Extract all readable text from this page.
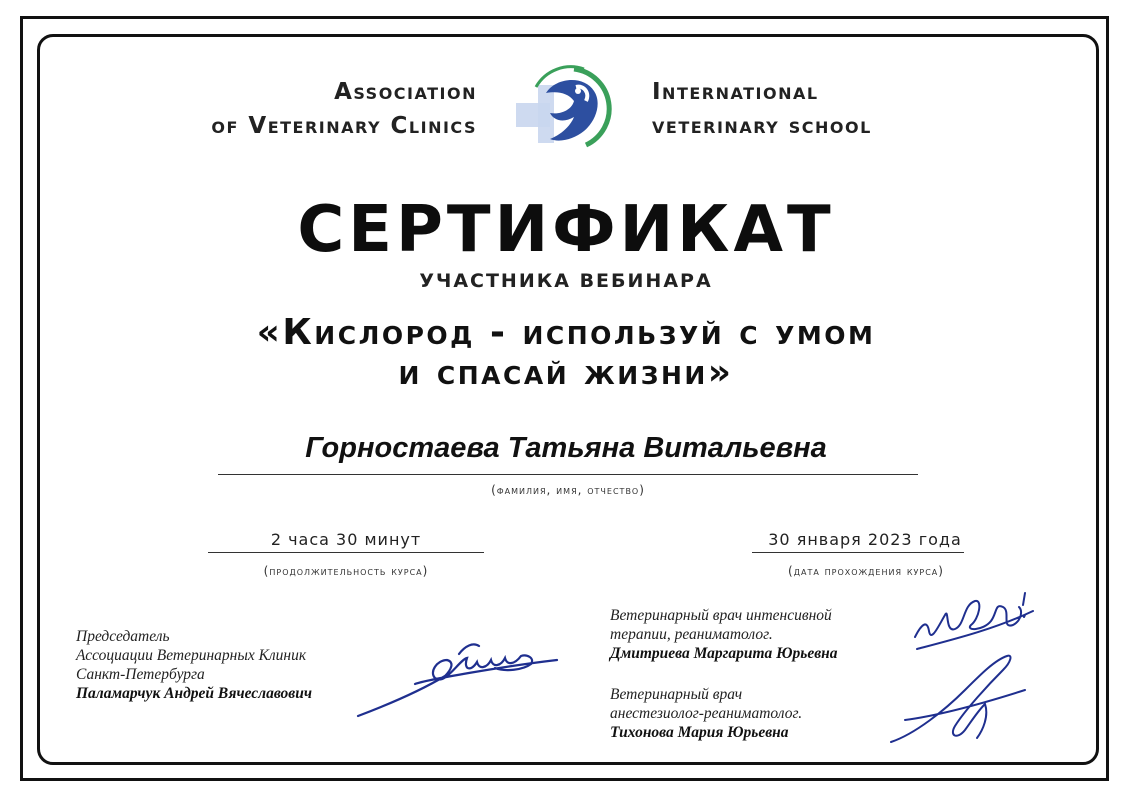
Association
of Veterinary Clinics
International
veterinary school
СЕРТИФИКАТ
УЧАСТНИКА ВЕБИНАРА
«Кислород - используй с умом
и спасай жизни»
Горностаева Татьяна Витальевна
(фамилия, имя, отчество)
2 часа 30 минут
(продолжительность курса)
30 января 2023 года
(дата прохождения курса)
Председатель
Ассоциации Ветеринарных Клиник
Санкт-Петербурга
Паламарчук Андрей Вячеславович
Ветеринарный врач интенсивной
терапии, реаниматолог.
Дмитриева Маргарита Юрьевна
Ветеринарный врач
анестезиолог-реаниматолог.
Тихонова Мария Юрьевна
